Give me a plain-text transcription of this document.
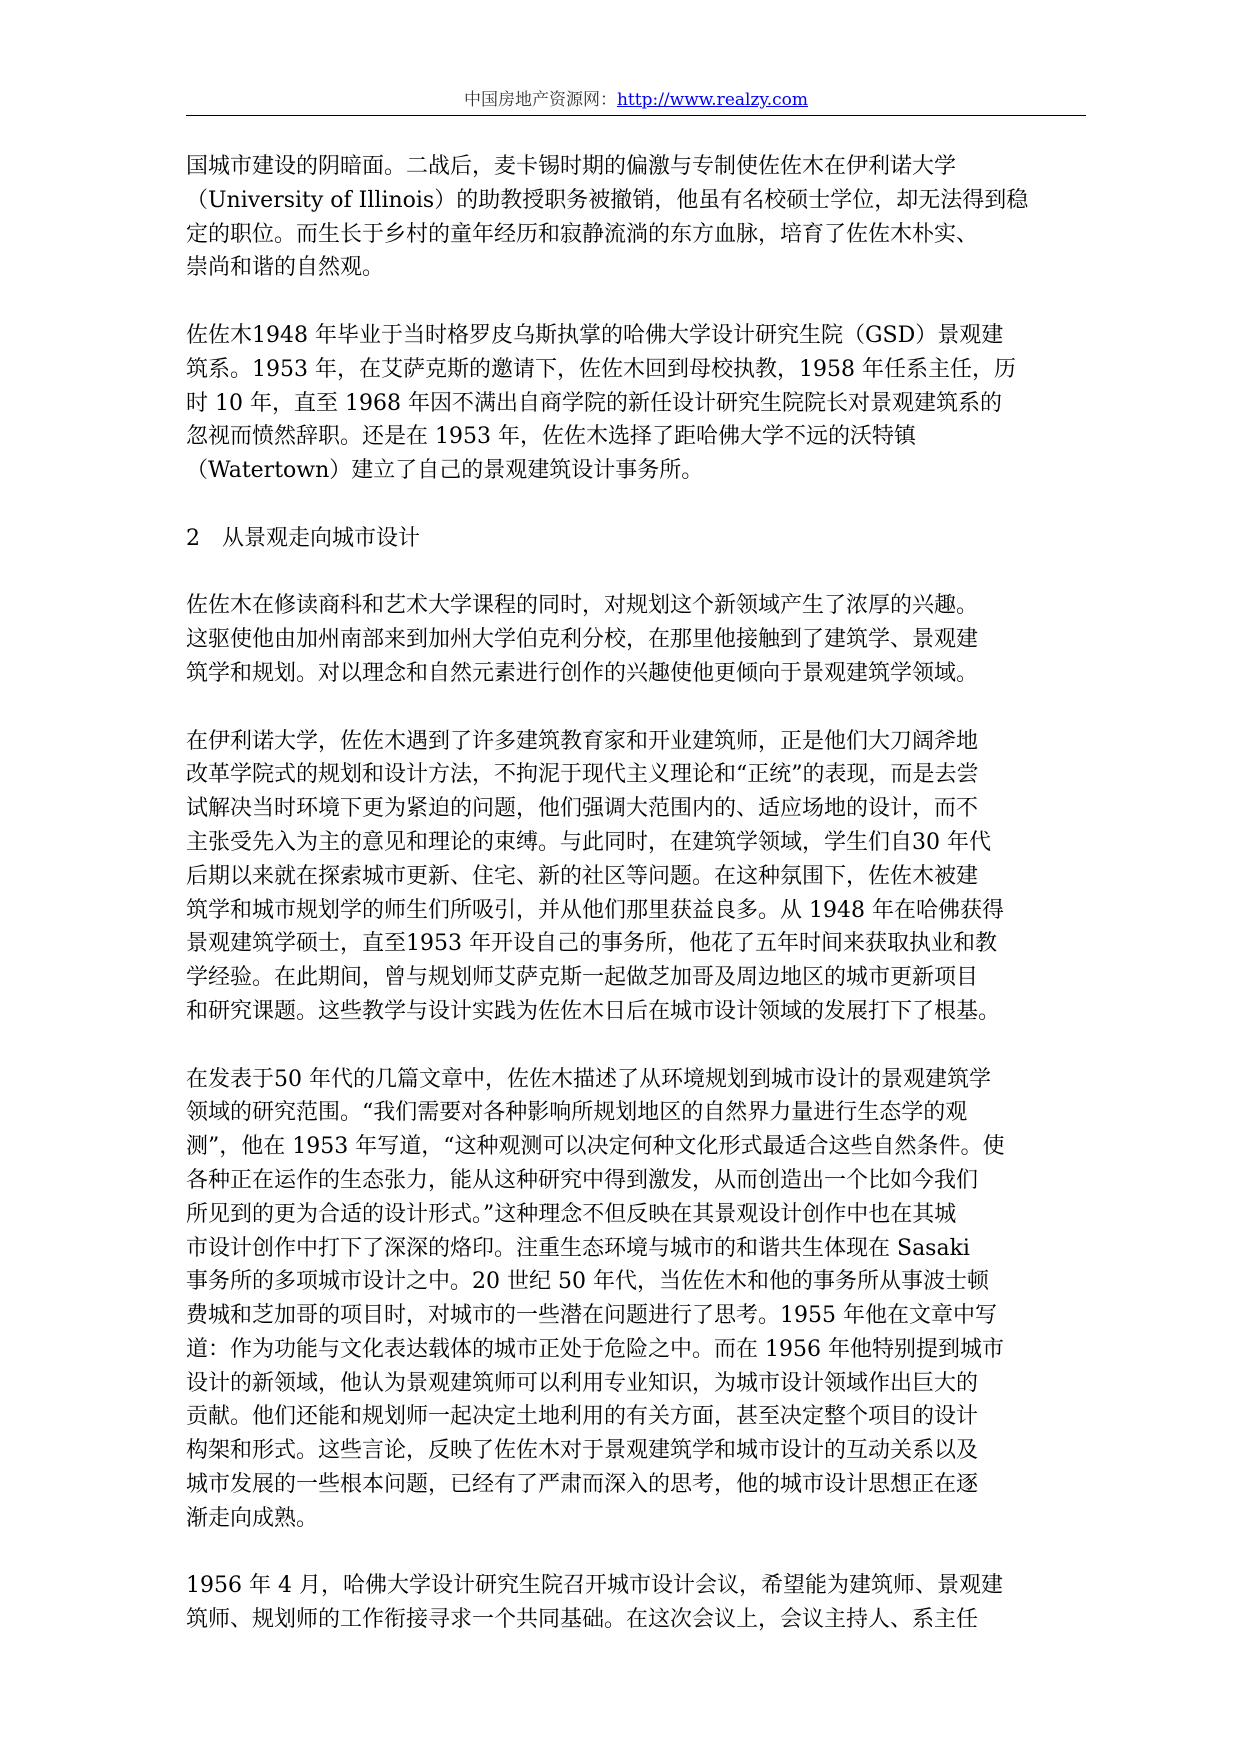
中国房地产资源网：http://www.realzy.com
国城市建设的阴暗面。二战后，麦卡锡时期的偏激与专制使佐佐木在伊利诺大学
（University of Illinois）的助教授职务被撤销，他虽有名校硕士学位，却无法得到稳
定的职位。而生长于乡村的童年经历和寂静流淌的东方血脉，培育了佐佐木朴实、
崇尚和谐的自然观。
佐佐木1948 年毕业于当时格罗皮乌斯执掌的哈佛大学设计研究生院（GSD）景观建
筑系。1953 年，在艾萨克斯的邀请下，佐佐木回到母校执教，1958 年任系主任，历
时 10 年，直至 1968 年因不满出自商学院的新任设计研究生院院长对景观建筑系的
忽视而愤然辞职。还是在 1953 年，佐佐木选择了距哈佛大学不远的沃特镇
（Watertown）建立了自己的景观建筑设计事务所。
2　从景观走向城市设计
佐佐木在修读商科和艺术大学课程的同时，对规划这个新领域产生了浓厚的兴趣。
这驱使他由加州南部来到加州大学伯克利分校，在那里他接触到了建筑学、景观建
筑学和规划。对以理念和自然元素进行创作的兴趣使他更倾向于景观建筑学领域。
在伊利诺大学，佐佐木遇到了许多建筑教育家和开业建筑师，正是他们大刀阔斧地
改革学院式的规划和设计方法，不拘泥于现代主义理论和“正统”的表现，而是去尝
试解决当时环境下更为紧迫的问题，他们强调大范围内的、适应场地的设计，而不
主张受先入为主的意见和理论的束缚。与此同时，在建筑学领域，学生们自30 年代
后期以来就在探索城市更新、住宅、新的社区等问题。在这种氛围下，佐佐木被建
筑学和城市规划学的师生们所吸引，并从他们那里获益良多。从 1948 年在哈佛获得
景观建筑学硕士，直至1953 年开设自己的事务所，他花了五年时间来获取执业和教
学经验。在此期间，曾与规划师艾萨克斯一起做芝加哥及周边地区的城市更新项目
和研究课题。这些教学与设计实践为佐佐木日后在城市设计领域的发展打下了根基。
在发表于50 年代的几篇文章中，佐佐木描述了从环境规划到城市设计的景观建筑学
领域的研究范围。“我们需要对各种影响所规划地区的自然界力量进行生态学的观
测”，他在 1953 年写道，“这种观测可以决定何种文化形式最适合这些自然条件。使
各种正在运作的生态张力，能从这种研究中得到激发，从而创造出一个比如今我们
所见到的更为合适的设计形式。”这种理念不但反映在其景观设计创作中也在其城
市设计创作中打下了深深的烙印。注重生态环境与城市的和谐共生体现在 Sasaki
事务所的多项城市设计之中。20 世纪 50 年代，当佐佐木和他的事务所从事波士顿
费城和芝加哥的项目时，对城市的一些潜在问题进行了思考。1955 年他在文章中写
道：作为功能与文化表达载体的城市正处于危险之中。而在 1956 年他特别提到城市
设计的新领域，他认为景观建筑师可以利用专业知识，为城市设计领域作出巨大的
贡献。他们还能和规划师一起决定土地利用的有关方面，甚至决定整个项目的设计
构架和形式。这些言论，反映了佐佐木对于景观建筑学和城市设计的互动关系以及
城市发展的一些根本问题，已经有了严肃而深入的思考，他的城市设计思想正在逐
渐走向成熟。
1956 年 4 月，哈佛大学设计研究生院召开城市设计会议，希望能为建筑师、景观建
筑师、规划师的工作衔接寻求一个共同基础。在这次会议上，会议主持人、系主任
